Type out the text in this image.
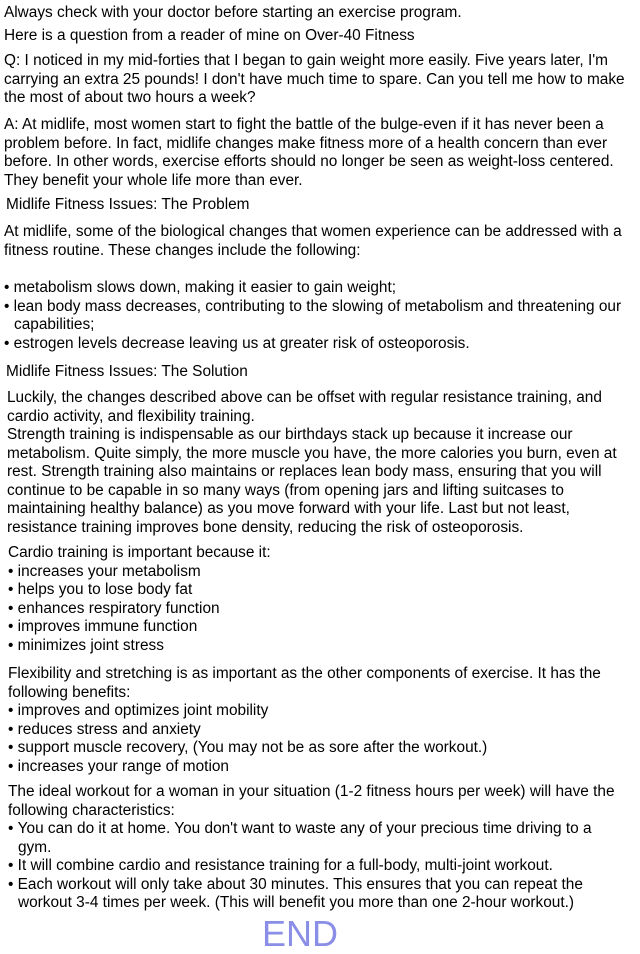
Always check with your doctor before starting an exercise program.

Here is a question from a reader of mine on Over-40 Fitness

Q: I noticed in my mid-forties that I began to gain weight more easily. Five years later, I'm carrying an extra 25 pounds! I don't have much time to spare. Can you tell me how to make the most of about two hours a week?

A: At midlife, most women start to fight the battle of the bulge-even if it has never been a problem before. In fact, midlife changes make fitness more of a health concern than ever before. In other words, exercise efforts should no longer be seen as weight-loss centered. They benefit your whole life more than ever.

Midlife Fitness Issues: The Problem

At midlife, some of the biological changes that women experience can be addressed with a fitness routine. These changes include the following:

• metabolism slows down, making it easier to gain weight;
• lean body mass decreases, contributing to the slowing of metabolism and threatening our capabilities;
• estrogen levels decrease leaving us at greater risk of osteoporosis.

Midlife Fitness Issues: The Solution

Luckily, the changes described above can be offset with regular resistance training, and cardio activity, and flexibility training.

Strength training is indispensable as our birthdays stack up because it increase our metabolism. Quite simply, the more muscle you have, the more calories you burn, even at rest. Strength training also maintains or replaces lean body mass, ensuring that you will continue to be capable in so many ways (from opening jars and lifting suitcases to maintaining healthy balance) as you move forward with your life. Last but not least, resistance training improves bone density, reducing the risk of osteoporosis.

Cardio training is important because it:

• increases your metabolism
• helps you to lose body fat
• enhances respiratory function
• improves immune function
• minimizes joint stress

Flexibility and stretching is as important as the other components of exercise. It has the following benefits:

• improves and optimizes joint mobility
• reduces stress and anxiety
• support muscle recovery, (You may not be as sore after the workout.)
• increases your range of motion

The ideal workout for a woman in your situation (1-2 fitness hours per week) will have the following characteristics:

• You can do it at home. You don't want to waste any of your precious time driving to a gym.
• It will combine cardio and resistance training for a full-body, multi-joint workout.
• Each workout will only take about 30 minutes. This ensures that you can repeat the workout 3-4 times per week. (This will benefit you more than one 2-hour workout.)
END
